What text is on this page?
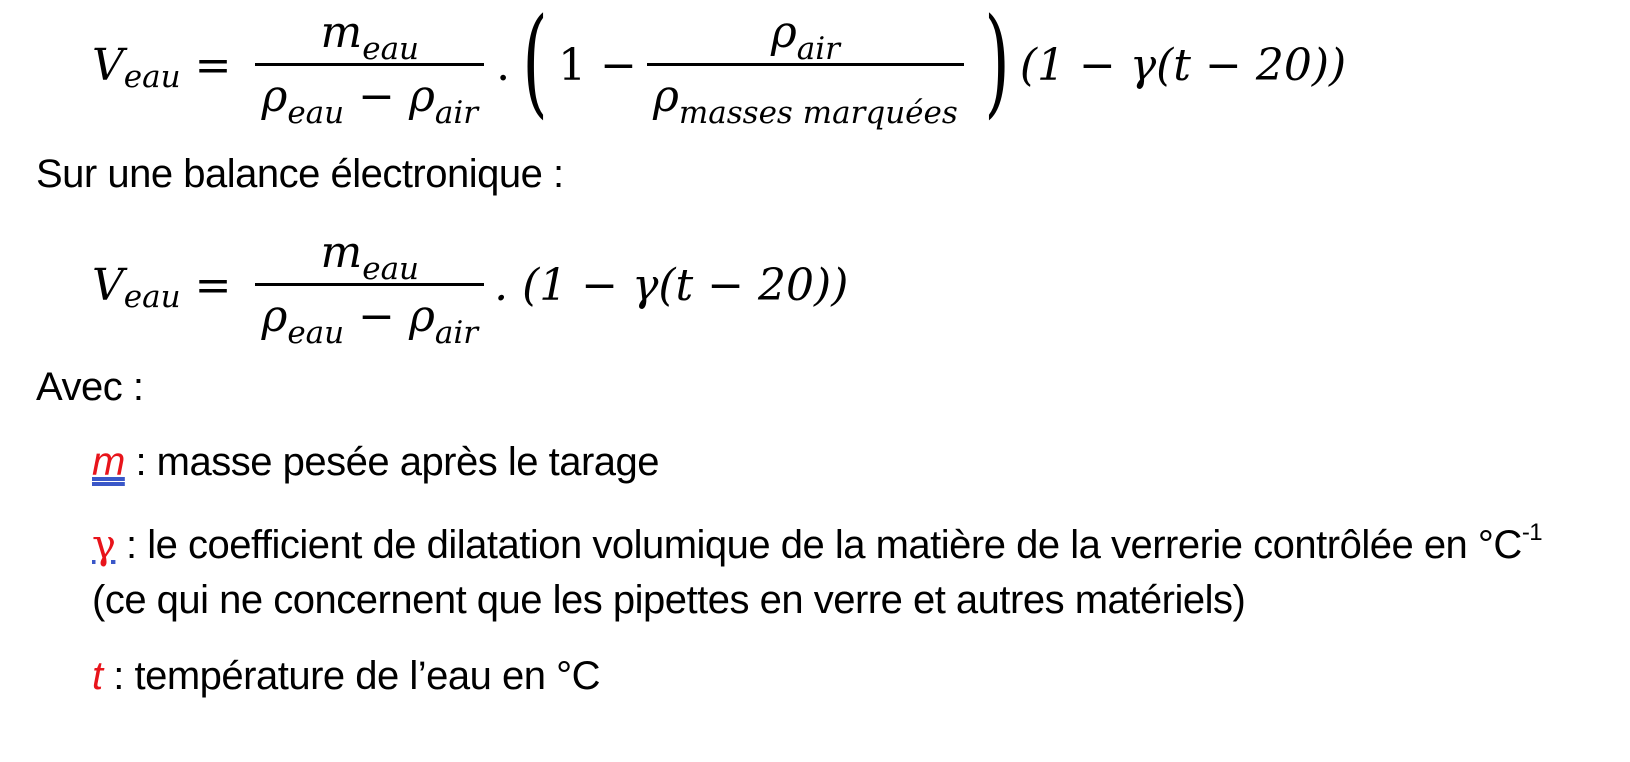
V eau = $\frac{m_{eau}}{\rho_{eau} - \rho_{air}}$ . ( $1 - \frac{\rho_{air}}{\rho_{masses marquées}}$ ) (1 − γ(t − 20))
Sur une balance électronique :
V eau = $\frac{m_{eau}}{\rho_{eau} - \rho_{air}}$ . (1 − γ(t − 20))
Avec :
m : masse pesée après le tarage
γ : le coefficient de dilatation volumique de la matière de la verrerie contrôlée en $^\circ C^{-1}$
(ce qui ne concernent que les pipettes en verre et autres matériels)
t : température de l’eau en °C
